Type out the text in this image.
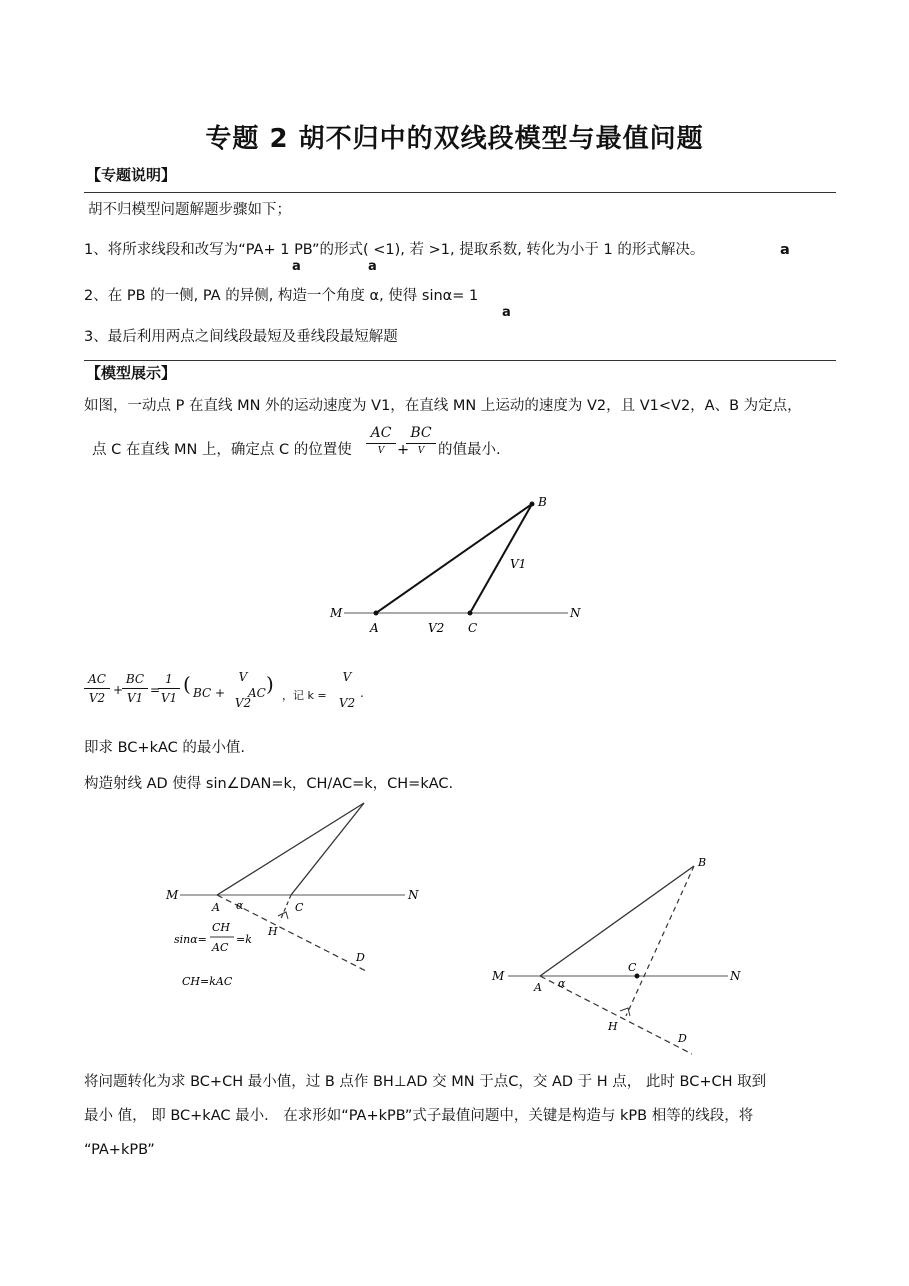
专题 2 胡不归中的双线段模型与最值问题
【专题说明】
胡不归模型问题解题步骤如下；
1、将所求线段和改写为“PA+ 1 PB”的形式( <1), 若 >1, 提取系数, 转化为小于 1 的形式解决。	a
a	a
2、在 PB 的一侧, PA 的异侧, 构造一个角度 α, 使得 sinα= 1
a
3、最后利用两点之间线段最短及垂线段最短解题
【模型展示】
如图，一动点 P 在直线 MN 外的运动速度为 V1，在直线 MN 上运动的速度为 V2，且 V1<V2，A、B 为定点，
点 C 在直线 MN 上，确定点 C 的位置使
AC
V +
BC
V 的值最小.
B
V1
M	N
A	V2 C
AC
V2
+
BC
V1
=
1
V1
( BC +
V
V2
AC ) ，记 k =
V
V2
.
即求 BC+kAC 的最小值.
构造射线 AD 使得 sin∠DAN=k，CH/AC=k，CH=kAC.
M	N
A α	C
H
D
sinα=
CH
AC
=k
CH=kAC
B
M	N
A α
C
H
D
将问题转化为求 BC+CH 最小值，过 B 点作 BH⊥AD 交 MN 于点C，交 AD 于 H 点， 此时 BC+CH 取到
最小 值， 即 BC+kAC 最小． 在求形如“PA+kPB”式子最值问题中，关键是构造与 kPB 相等的线段，将
“PA+kPB”
